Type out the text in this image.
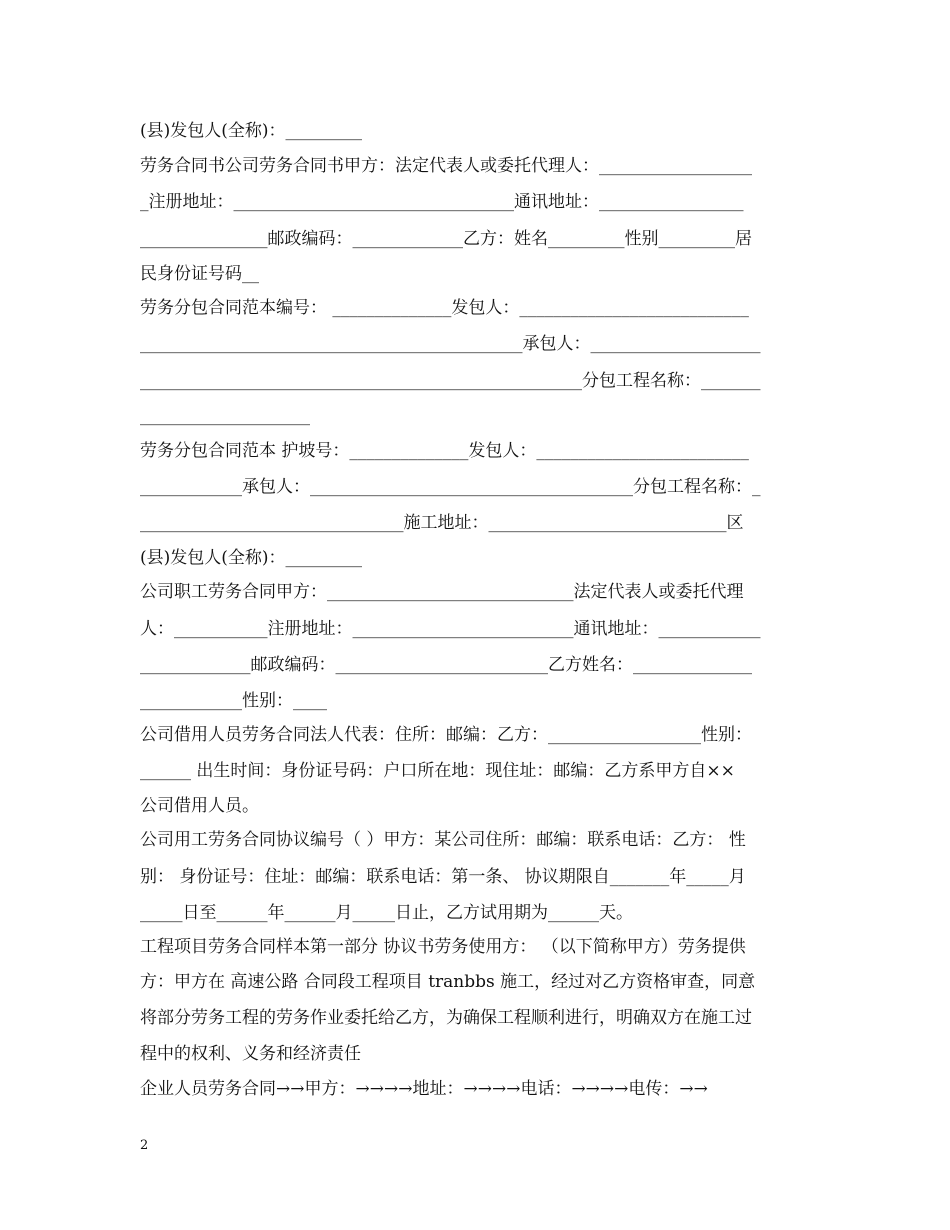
(县)发包人(全称)：_________
劳务合同书公司劳务合同书甲方：法定代表人或委托代理人：__________________
_注册地址：_________________________________通讯地址：_________________
_______________邮政编码：_____________乙方：姓名_________性别_________居
民身份证号码__
劳务分包合同范本编号： ______________发包人：___________________________
_____________________________________________承包人：____________________
____________________________________________________分包工程名称：_______
____________________
劳务分包合同范本 护坡号：______________发包人：_________________________
____________承包人：______________________________________分包工程名称：_
_______________________________施工地址：____________________________区
(县)发包人(全称)：_________
公司职工劳务合同甲方：_____________________________法定代表人或委托代理
人：___________注册地址：__________________________通讯地址：____________
_____________邮政编码：_________________________乙方姓名：______________
____________性别：____
公司借用人员劳务合同法人代表：住所：邮编：乙方：__________________性别：
______ 出生时间：身份证号码：户口所在地：现住址：邮编：乙方系甲方自××
公司借用人员。
公司用工劳务合同协议编号（ ）甲方：某公司住所：邮编：联系电话：乙方： 性
别： 身份证号：住址：邮编：联系电话：第一条、 协议期限自_______年_____月
_____日至______年______月_____日止，乙方试用期为______天。
工程项目劳务合同样本第一部分 协议书劳务使用方： （以下简称甲方）劳务提供
方：甲方在 高速公路 合同段工程项目 tranbbs 施工，经过对乙方资格审查，同意
将部分劳务工程的劳务作业委托给乙方，为确保工程顺利进行，明确双方在施工过
程中的权利、义务和经济责任
企业人员劳务合同→→甲方：→→→→地址：→→→→电话：→→→→电传：→→
2
